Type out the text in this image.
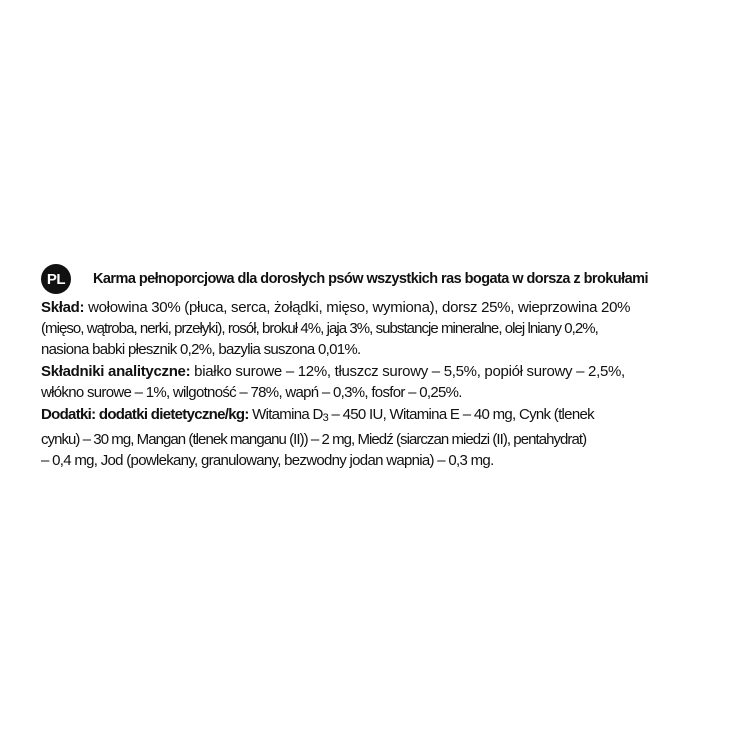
PL	Karma pełnoporcjowa dla dorosłych psów wszystkich ras bogata w dorsza z brokułami
Skład: wołowina 30% (płuca, serca, żołądki, mięso, wymiona), dorsz 25%, wieprzowina 20%
(mięso, wątroba, nerki, przełyki), rosół, brokuł 4%, jaja 3%, substancje mineralne, olej lniany 0,2%,
nasiona babki płesznik 0,2%, bazylia suszona 0,01%.
Składniki analityczne: białko surowe – 12%, tłuszcz surowy – 5,5%, popiół surowy – 2,5%,
włókno surowe – 1%, wilgotność – 78%, wapń – 0,3%, fosfor – 0,25%.
Dodatki: dodatki dietetyczne/kg: Witamina D3 – 450 IU, Witamina E – 40 mg, Cynk (tlenek
cynku) – 30 mg, Mangan (tlenek manganu (II)) – 2 mg, Miedź (siarczan miedzi (II), pentahydrat)
– 0,4 mg, Jod (powlekany, granulowany, bezwodny jodan wapnia) – 0,3 mg.
